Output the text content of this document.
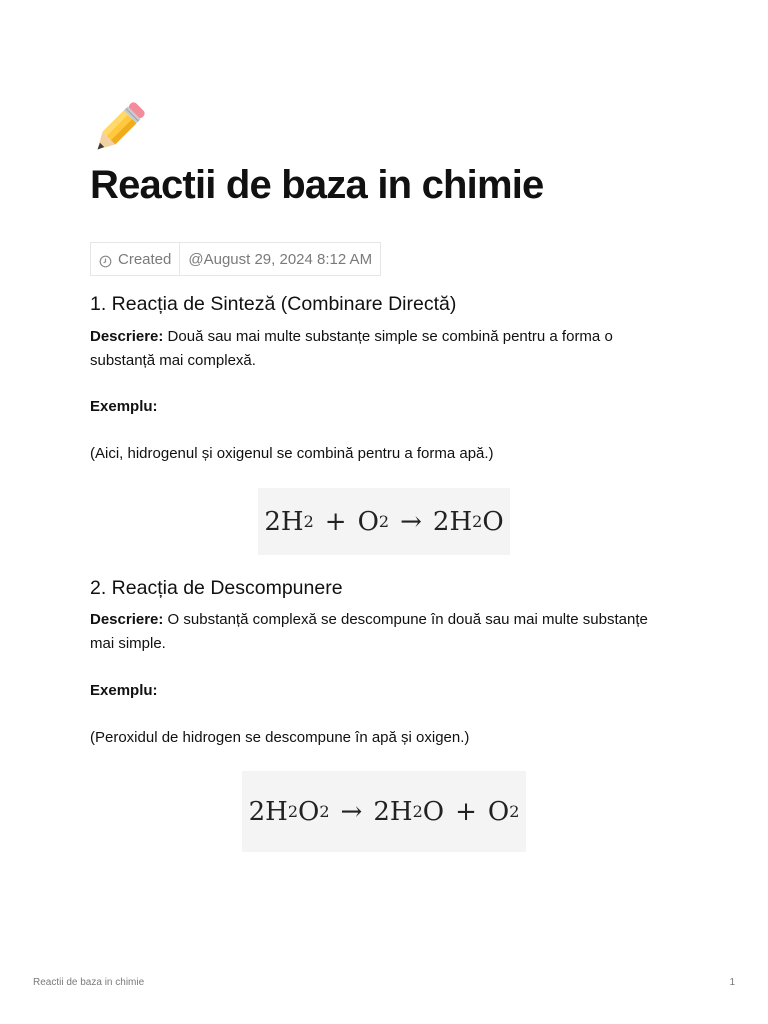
Reactii de baza in chimie
Created	@August 29, 2024 8:12 AM
1. Reacția de Sinteză (Combinare Directă)

Descriere: Două sau mai multe substanțe simple se combină pentru a forma o substanță mai complexă.

Exemplu:

(Aici, hidrogenul și oxigenul se combină pentru a forma apă.)

2 H 2 + O 2 → 2 H 2 O
2. Reacția de Descompunere

Descriere: O substanță complexă se descompune în două sau mai multe substanțe mai simple.

Exemplu:

(Peroxidul de hidrogen se descompune în apă și oxigen.)

2 H 2 O 2 → 2 H 2 O + O 2
Reactii de baza in chimie	1
